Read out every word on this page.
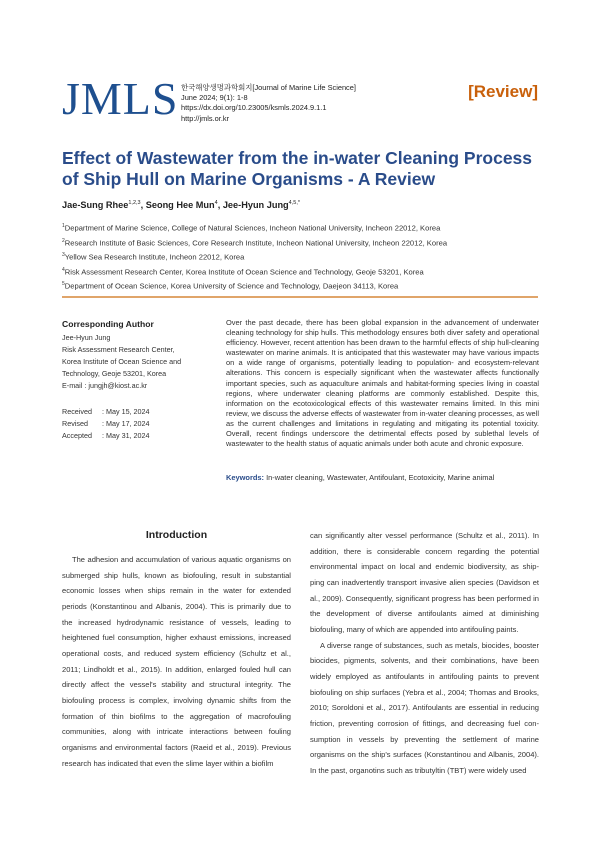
JMLS 한국해양생명과학회지[Journal of Marine Life Science]
June 2024; 9(1): 1-8
https://dx.doi.org/10.23005/ksmls.2024.9.1.1
http://jmls.or.kr
[Review]
Effect of Wastewater from the in-water Cleaning Process of Ship Hull on Marine Organisms - A Review
Jae-Sung Rhee$^{1,2,3}$, Seong Hee Mun$^4$, Jee-Hyun Jung$^{4,5,*}$
$^1$Department of Marine Science, College of Natural Sciences, Incheon National University, Incheon 22012, Korea
$^2$Research Institute of Basic Sciences, Core Research Institute, Incheon National University, Incheon 22012, Korea
$^3$Yellow Sea Research Institute, Incheon 22012, Korea
$^4$Risk Assessment Research Center, Korea Institute of Ocean Science and Technology, Geoje 53201, Korea
$^5$Department of Ocean Science, Korea University of Science and Technology, Daejeon 34113, Korea
Corresponding Author
Jee-Hyun Jung
Risk Assessment Research Center,
Korea Institute of Ocean Science and
Technology, Geoje 53201, Korea
E-mail : jungjh@kiost.ac.kr
Received	: May 15, 2024
Revised	: May 17, 2024
Accepted	: May 31, 2024
Over the past decade, there has been global expansion in the advancement of underwater cleaning technology for ship hulls. This methodology ensures both diver safety and operational efficiency. However, recent attention has been drawn to the harmful effects of ship hull-cleaning wastewater on marine animals. It is anticipated that this wastewater may have various impacts on a wide range of organisms, potentially leading to population- and ecosystem-relevant alterations. This concern is especially significant when the wastewater affects functionally important species, such as aquaculture animals and habitat-forming species living in coastal regions, where underwater cleaning platforms are commonly established. Despite this, information on the ecotoxicological effects of this wastewater remains limited. In this mini review, we discuss the adverse effects of wastewater from in-water cleaning processes, as well as the current challenges and limitations in regulating and mitigating its potential toxicity. Overall, recent findings underscore the detrimental effects posed by sublethal levels of wastewater to the health status of aquatic animals under both acute and chronic exposure.
Keywords: In-water cleaning, Wastewater, Antifoulant, Ecotoxicity, Marine animal
Introduction

The adhesion and accumulation of various aquatic organisms on submerged ship hulls, known as biofouling, result in substantial economic losses when ships remain in the water for extended periods (Konstantinou and Albanis, 2004). This is primarily due to the increased hydrodynamic resistance of vessels, leading to heightened fuel consumption, higher exhaust emissions, increased operational costs, and reduced system efficiency (Schultz et al., 2011; Lindholdt et al., 2015). In addition, enlarged fouled hull can directly affect the vessel's stability and structural integrity. The biofouling process is complex, involving dynamic shifts from the formation of thin biofilms to the aggregation of macrofouling communities, along with intricate interactions between fouling organisms and environmental factors (Raeid et al., 2019). Previous research has indicated that even the slime layer within a biofilm

can significantly alter vessel performance (Schultz et al., 2011). In addition, there is considerable concern regarding the potential environmental impact on local and endemic biodiversity, as ship-ping can inadvertently transport invasive alien species (Davidson et al., 2009). Consequently, significant progress has been performed in the development of diverse antifoulants aimed at diminishing biofouling, many of which are appended into antifouling paints.

A diverse range of substances, such as metals, biocides, booster biocides, pigments, solvents, and their combinations, have been widely employed as antifoulants in antifouling paints to prevent biofouling on ship surfaces (Yebra et al., 2004; Thomas and Brooks, 2010; Soroldoni et al., 2017). Antifoulants are essential in reducing friction, preventing corrosion of fittings, and decreasing fuel con-sumption in vessels by preventing the settlement of marine organisms on the ship's surfaces (Konstantinou and Albanis, 2004). In the past, organotins such as tributyltin (TBT) were widely used
